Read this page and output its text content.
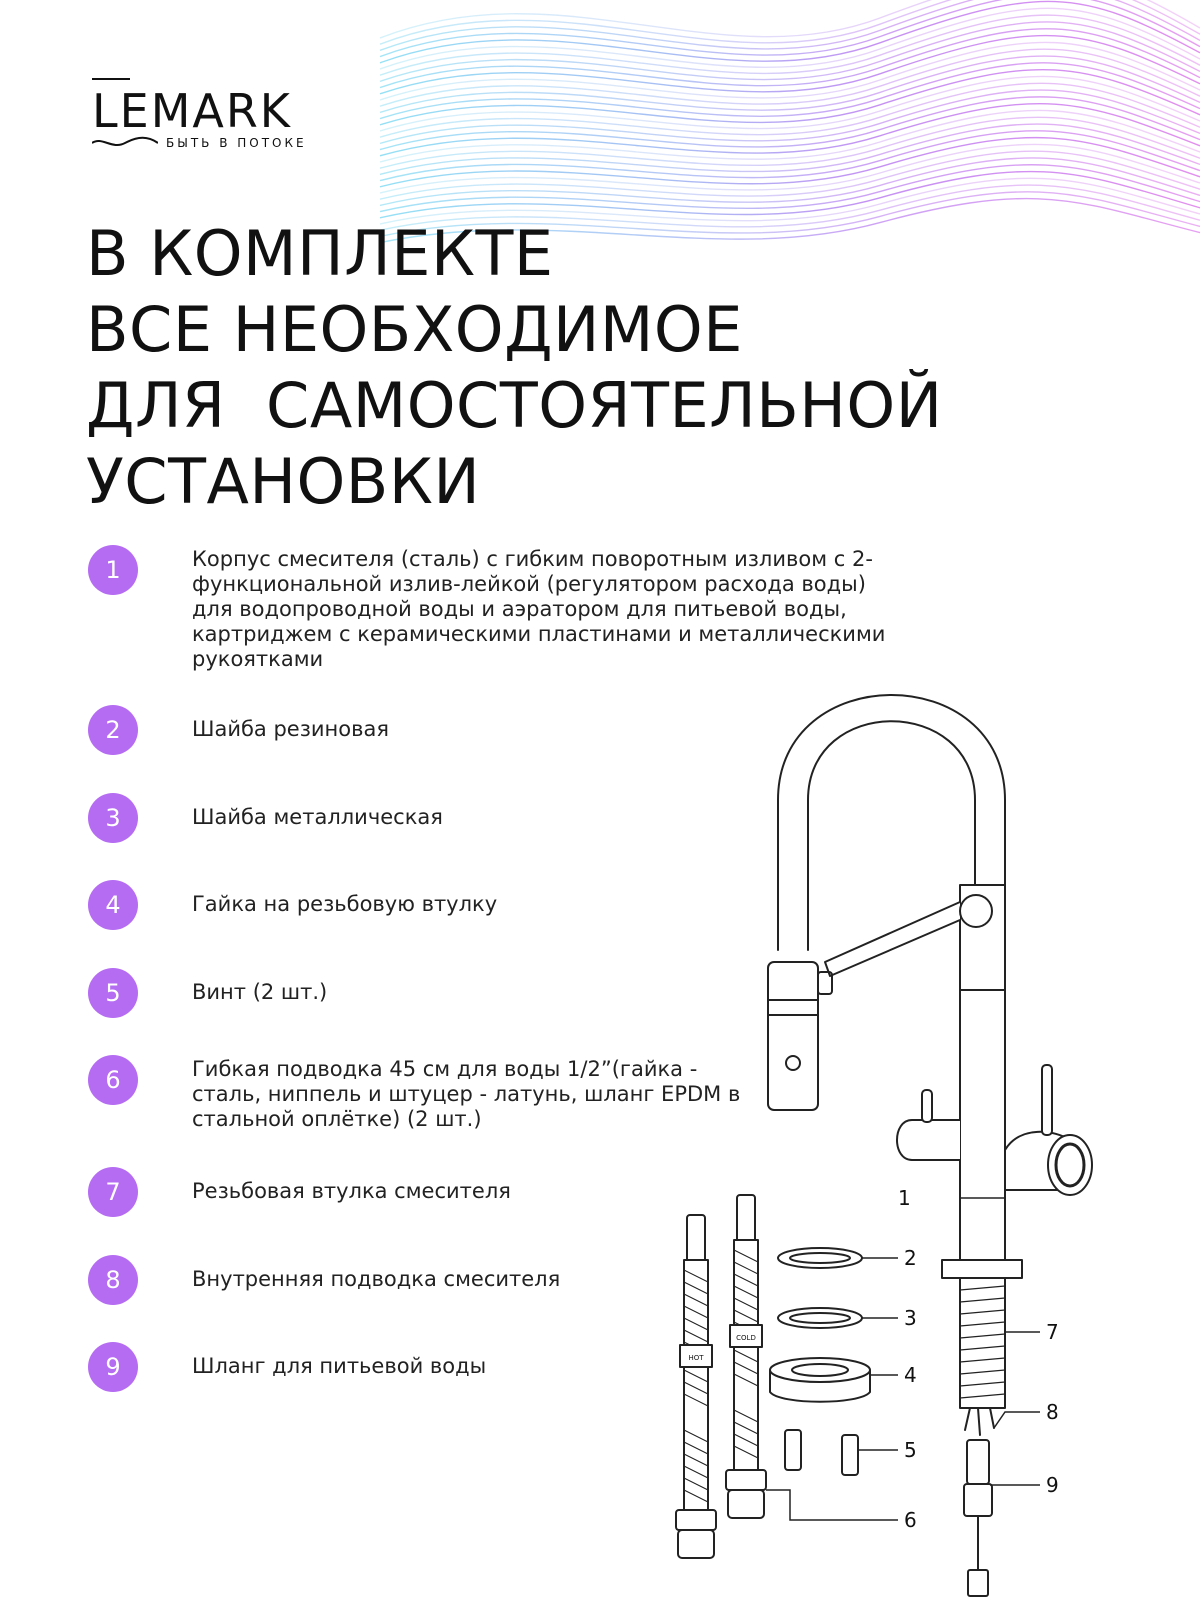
LEMARK
БЫТЬ В ПОТОКЕ
В КОМПЛЕКТЕ
ВСЕ НЕОБХОДИМОЕ
ДЛЯ  САМОСТОЯТЕЛЬНОЙ
УСТАНОВКИ
1	Корпус смесителя (сталь) с гибким поворотным изливом с 2-функциональной излив-лейкой (регулятором расхода воды) для водопроводной воды и аэратором для питьевой воды, картриджем с керамическими пластинами и металлическими рукоятками
2	Шайба резиновая
3	Шайба металлическая
4	Гайка на резьбовую втулку
5	Винт (2 шт.)
6	Гибкая подводка 45 см для воды 1/2”(гайка - сталь, ниппель и штуцер - латунь, шланг EPDM в стальной оплётке) (2 шт.)
7	Резьбовая втулка смесителя
8	Внутренняя подводка смесителя
9	Шланг для питьевой воды
1
2
3
4
5
6
7
8
9
HOT
COLD
